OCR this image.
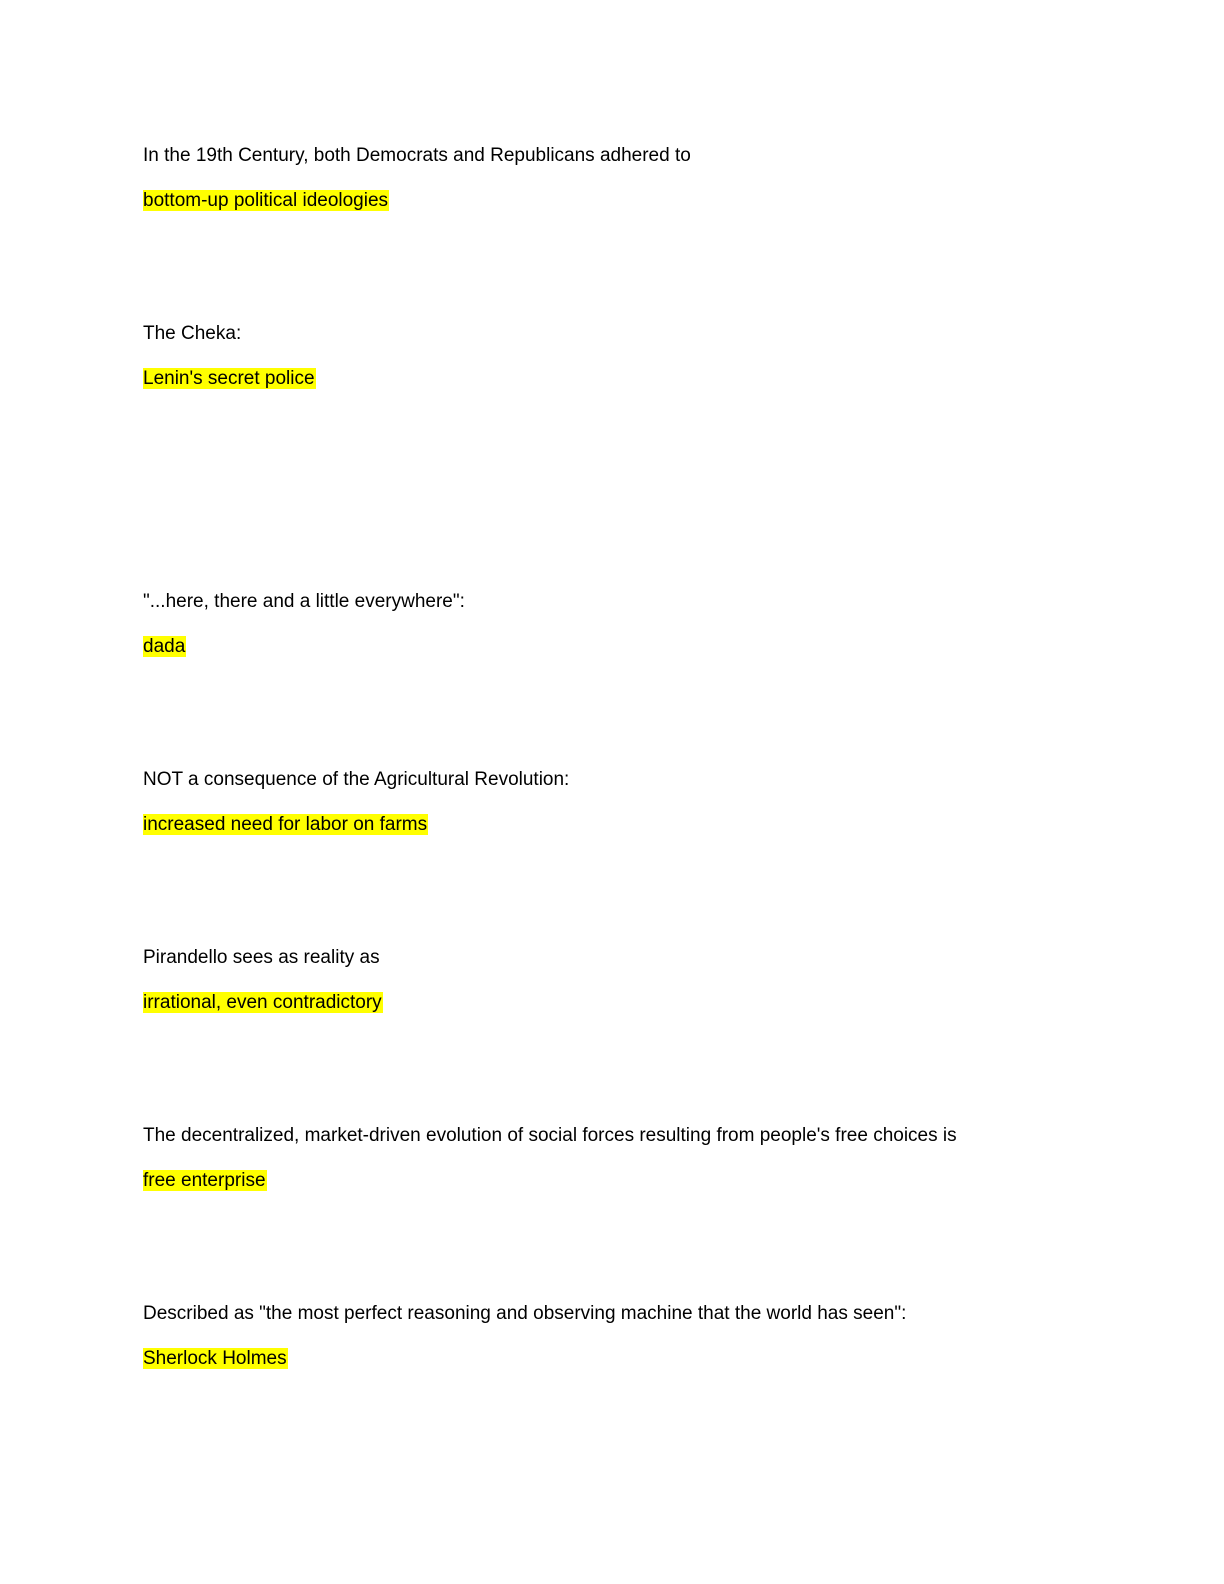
In the 19th Century, both Democrats and Republicans adhered to
bottom-up political ideologies
The Cheka:
Lenin's secret police
"...here, there and a little everywhere":
dada
NOT a consequence of the Agricultural Revolution:
increased need for labor on farms
Pirandello sees as reality as
irrational, even contradictory
The decentralized, market-driven evolution of social forces resulting from people's free choices is
free enterprise
Described as "the most perfect reasoning and observing machine that the world has seen":
Sherlock Holmes
